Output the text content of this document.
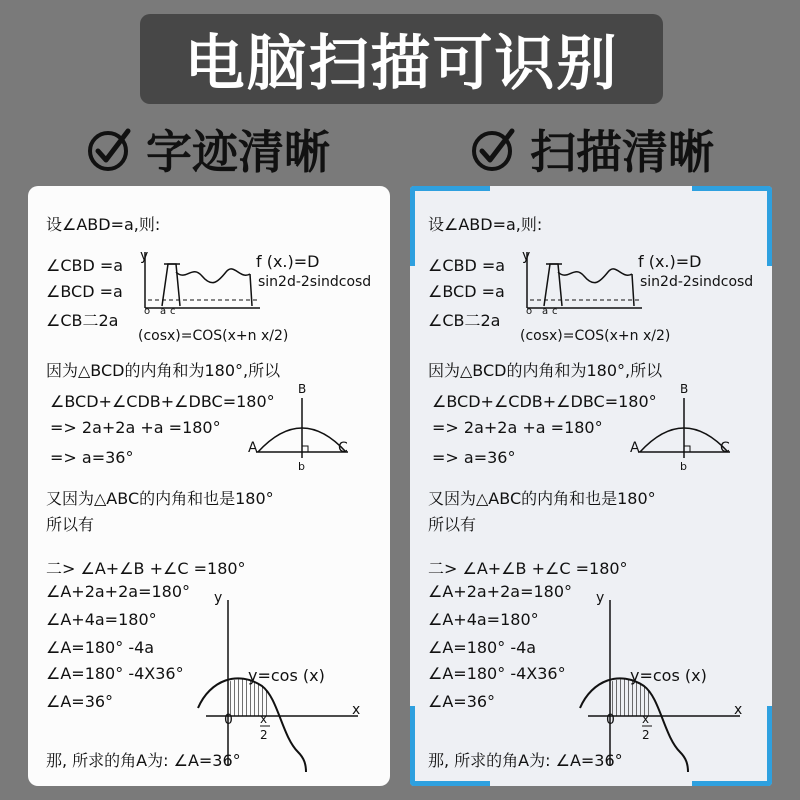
电脑扫描可识别
字迹清晰	扫描清晰
设∠ABD=a,则:
∠CBD =a
∠BCD =a
∠CB二2a
y
o a c
f (x.)=D
sin2d-2sindcosd
(cosx)=COS(x+n x/2)
因为△BCD的内角和为180°,所以
∠BCD+∠CDB+∠DBC=180°
=> 2a+2a +a =180°
=> a=36°	A
B
C
b
又因为△ABC的内角和也是180°
所以有
二> ∠A+∠B +∠C =180°
∠A+2a+2a=180°
∠A+4a=180°
∠A=180° -4a
∠A=180° -4X36°
∠A=36°
y
x
0
y=cos (x)
x
2
那, 所求的角A为: ∠A=36°
设∠ABD=a,则:
∠CBD =a
∠BCD =a
∠CB二2a
y
o a c
f (x.)=D
sin2d-2sindcosd
(cosx)=COS(x+n x/2)
因为△BCD的内角和为180°,所以
∠BCD+∠CDB+∠DBC=180°
=> 2a+2a +a =180°
=> a=36°	A
B
C
b
又因为△ABC的内角和也是180°
所以有
二> ∠A+∠B +∠C =180°
∠A+2a+2a=180°
∠A+4a=180°
∠A=180° -4a
∠A=180° -4X36°
∠A=36°
y
x
0
y=cos (x)
x
2
那, 所求的角A为: ∠A=36°
